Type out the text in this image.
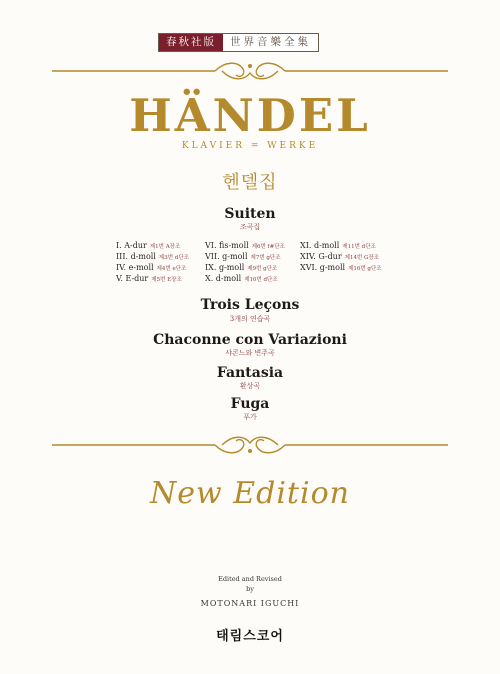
春秋社版	世界音樂全集
HÄNDEL
KLAVIER = WERKE
헨델집
Suiten
조곡집
I. A-dur 제1번 A장조
III. d-moll 제3번 d단조
IV. e-moll 제4번 e단조
V. E-dur 제5번 E장조
VI. fis-moll 제6번 f#단조
VII. g-moll 제7번 g단조
IX. g-moll 제9번 g단조
X. d-moll 제10번 d단조
XI. d-moll 제11번 d단조
XIV. G-dur 제14번 G장조
XVI. g-moll 제16번 g단조
Trois Leçons
3개의 연습곡
Chaconne con Variazioni
샤콘느와 변주곡
Fantasia
환상곡
Fuga
푸가
New Edition
Edited and Revised
by
MOTONARI IGUCHI
태림스코어
